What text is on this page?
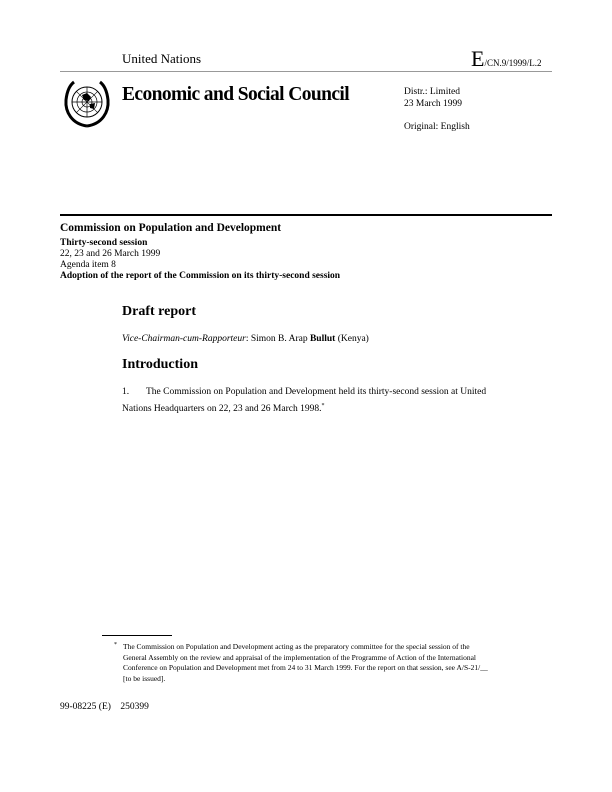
United Nations	E/CN.9/1999/L.2
Economic and Social Council	Distr.: Limited
23 March 1999
Original: English
Commission on Population and Development
Thirty-second session
22, 23 and 26 March 1999
Agenda item 8
Adoption of the report of the Commission on its thirty-second session
Draft report
Vice-Chairman-cum-Rapporteur: Simon B. Arap Bullut (Kenya)
Introduction
1. The Commission on Population and Development held its thirty-second session at United Nations Headquarters on 22, 23 and 26 March 1998.*
* The Commission on Population and Development acting as the preparatory committee for the special session of the General Assembly on the review and appraisal of the implementation of the Programme of Action of the International Conference on Population and Development met from 24 to 31 March 1999. For the report on that session, see A/S-21/__ [to be issued].
99-08225 (E)    250399
